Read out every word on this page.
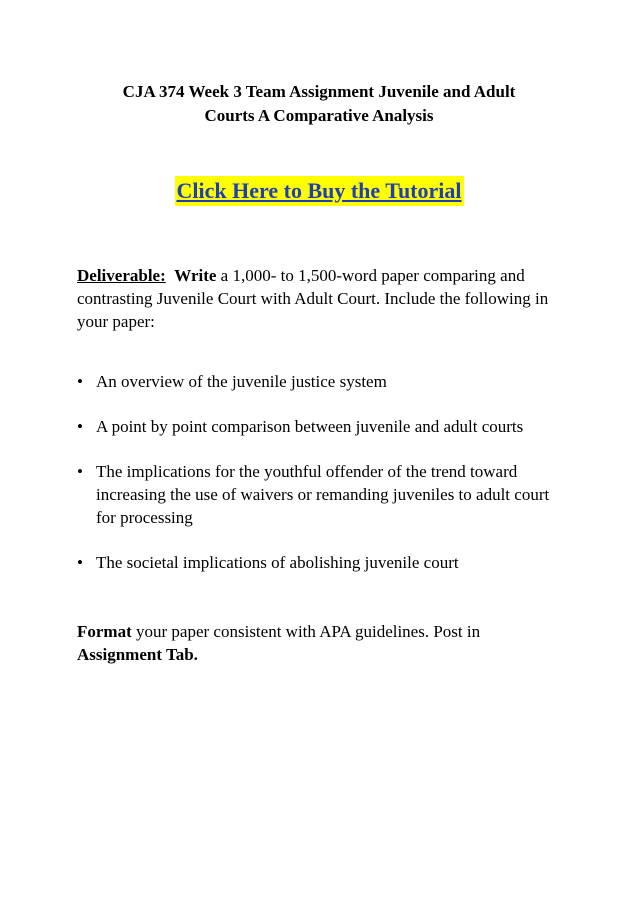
CJA 374 Week 3 Team Assignment Juvenile and Adult
Courts A Comparative Analysis
Click Here to Buy the Tutorial

Deliverable: Write a 1,000- to 1,500-word paper comparing and contrasting Juvenile Court with Adult Court. Include the following in your paper:

• An overview of the juvenile justice system
• A point by point comparison between juvenile and adult courts
• The implications for the youthful offender of the trend toward increasing the use of waivers or remanding juveniles to adult court for processing
• The societal implications of abolishing juvenile court

Format your paper consistent with APA guidelines. Post in
Assignment Tab.
